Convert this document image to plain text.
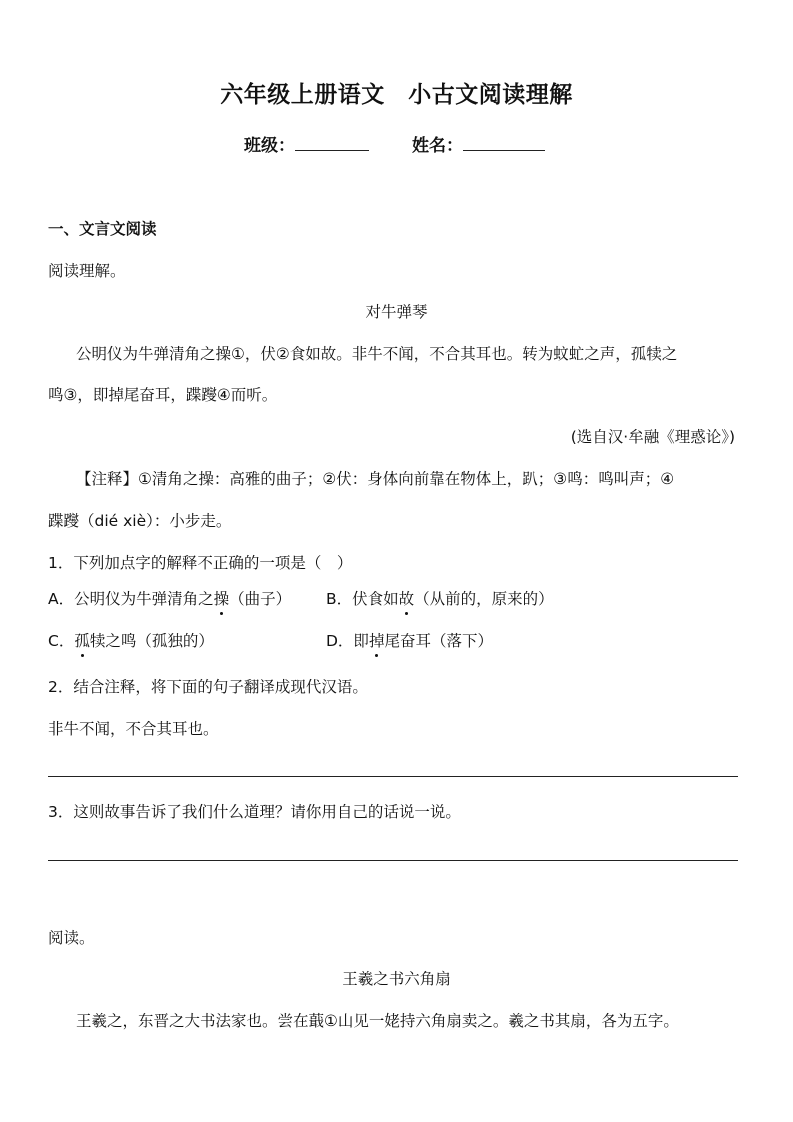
六年级上册语文　小古文阅读理解
班级：	姓名：
一、文言文阅读
阅读理解。
对牛弹琴
公明仪为牛弹清角之操①，伏②食如故。非牛不闻，不合其耳也。转为蚊虻之声，孤犊之
鸣③，即掉尾奋耳，蹀躞④而听。
(选自汉·牟融《理惑论》)
【注释】①清角之操：高雅的曲子；②伏：身体向前靠在物体上，趴；③鸣：鸣叫声；④
蹀躞（dié xiè）：小步走。
1．下列加点字的解释不正确的一项是（　）
A．公明仪为牛弹清角之操（曲子） B．伏食如故（从前的，原来的）
C．孤犊之鸣（孤独的）	D．即掉尾奋耳（落下）
2．结合注释，将下面的句子翻译成现代汉语。
非牛不闻，不合其耳也。
3．这则故事告诉了我们什么道理？请你用自己的话说一说。
阅读。
王羲之书六角扇
王羲之，东晋之大书法家也。尝在蕺①山见一姥持六角扇卖之。羲之书其扇，各为五字。
